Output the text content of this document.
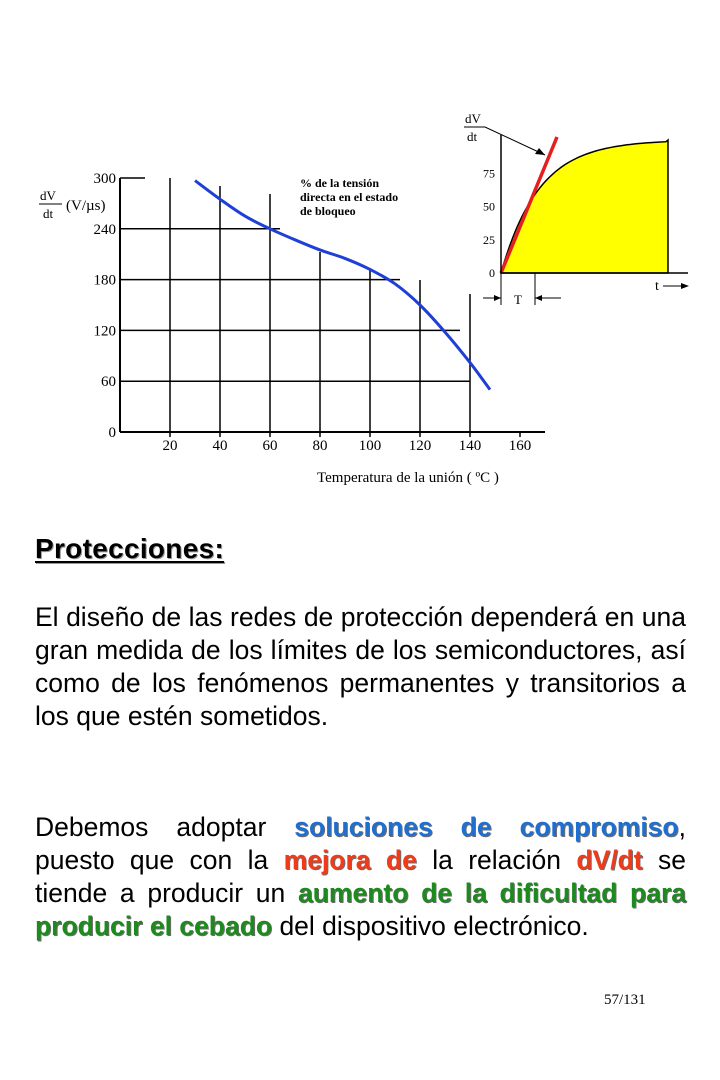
300
240
180
120
60
0
20 40 60 80 100 120 140 160
dV
dt (V/µs)
% de la tensión
directa en el estado
de bloqueo
Temperatura de la unión ( ºC )
dV
dt
75
50
25
0
t
T
Protecciones:
El diseño de las redes de protección dependerá en una gran medida de los límites de los semiconductores, así como de los fenómenos permanentes y transitorios a los que estén sometidos.
Debemos adoptar soluciones de compromiso, puesto que con la mejora de la relación dV/dt se tiende a producir un aumento de la dificultad para producir el cebado del dispositivo electrónico.
57/131
